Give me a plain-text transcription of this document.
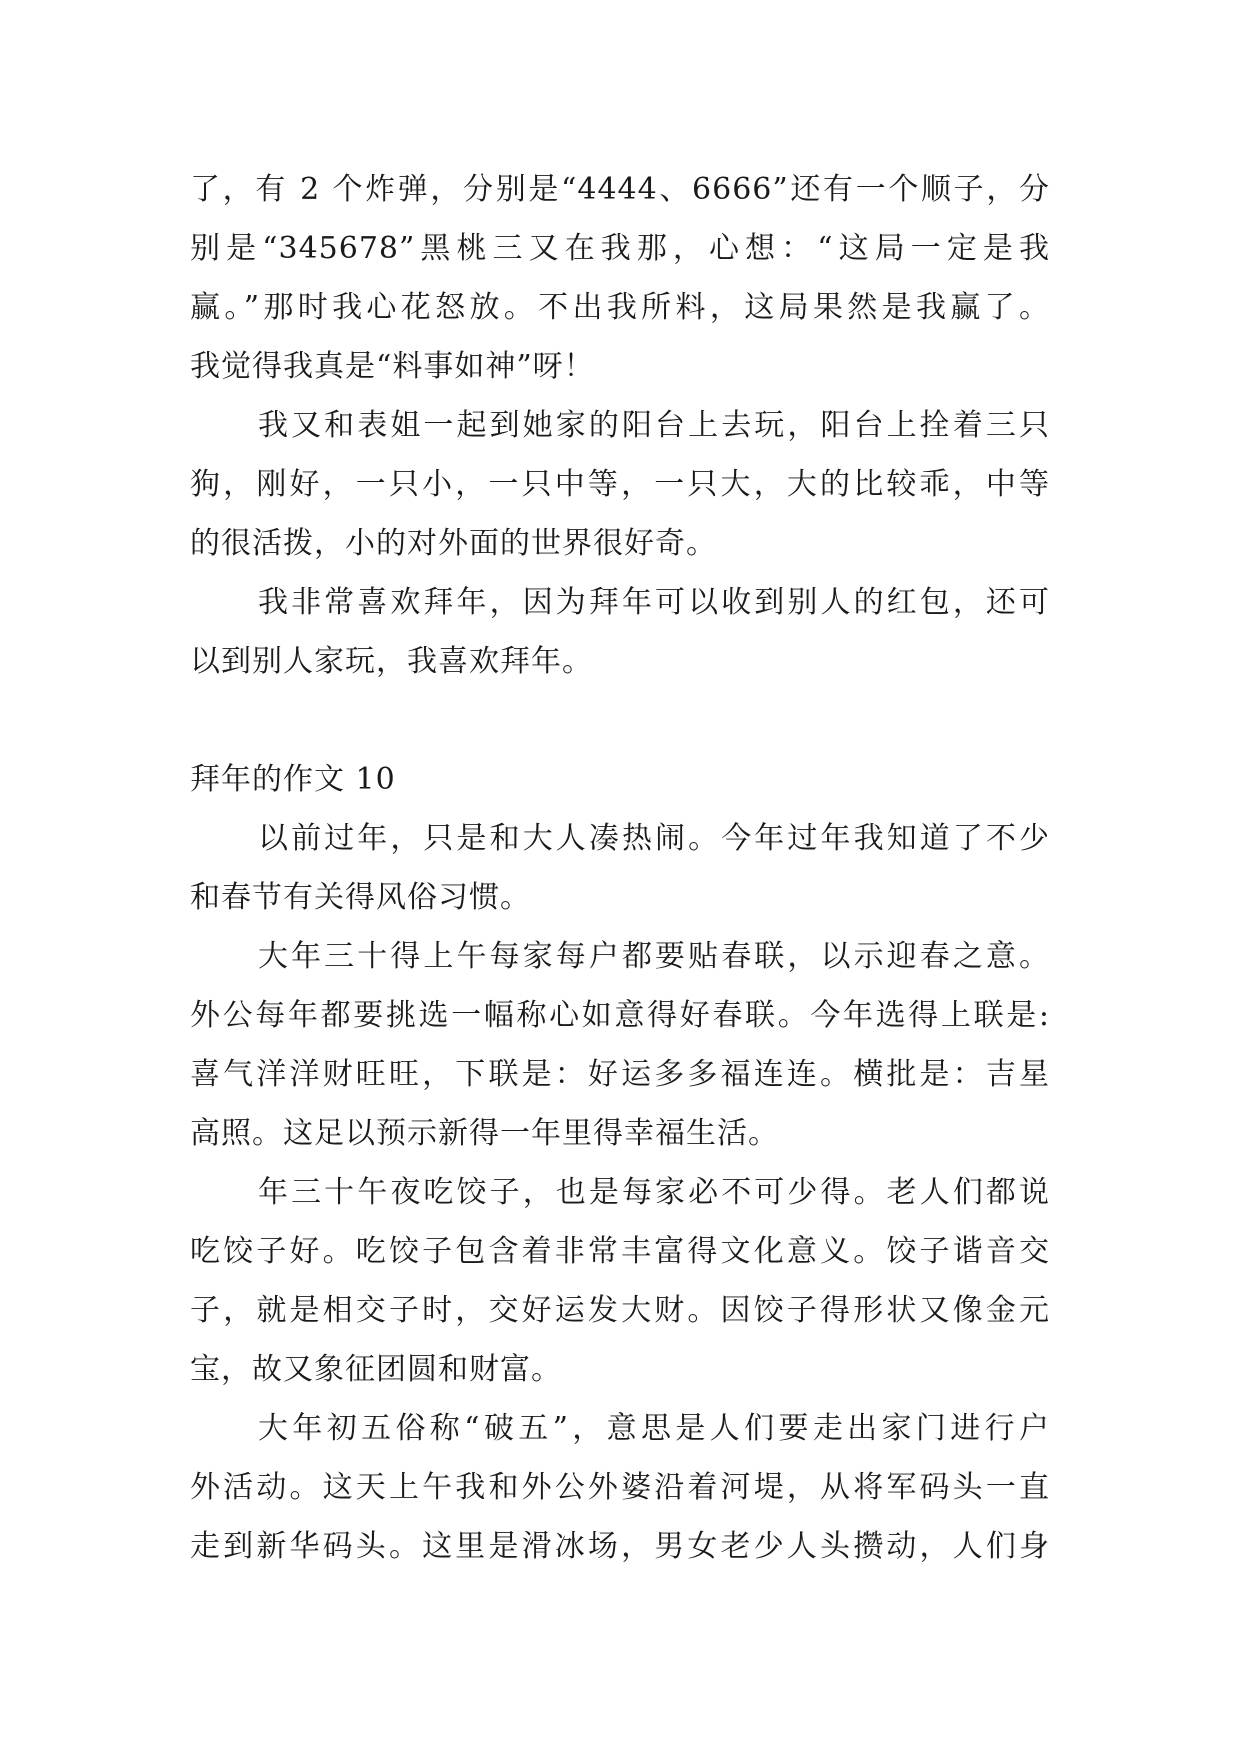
了，有 2 个炸弹，分别是“4444、6666”还有一个顺子，分
别是“345678”黑桃三又在我那，心想：“这局一定是我
赢。”那时我心花怒放。不出我所料，这局果然是我赢了。
我觉得我真是“料事如神”呀！
我又和表姐一起到她家的阳台上去玩，阳台上拴着三只
狗，刚好，一只小，一只中等，一只大，大的比较乖，中等
的很活拨，小的对外面的世界很好奇。
我非常喜欢拜年，因为拜年可以收到别人的红包，还可
以到别人家玩，我喜欢拜年。
拜年的作文 10
以前过年，只是和大人凑热闹。今年过年我知道了不少
和春节有关得风俗习惯。
大年三十得上午每家每户都要贴春联，以示迎春之意。
外公每年都要挑选一幅称心如意得好春联。今年选得上联是:
喜气洋洋财旺旺，下联是：好运多多福连连。横批是：吉星
高照。这足以预示新得一年里得幸福生活。
年三十午夜吃饺子，也是每家必不可少得。老人们都说
吃饺子好。吃饺子包含着非常丰富得文化意义。饺子谐音交
子，就是相交子时，交好运发大财。因饺子得形状又像金元
宝，故又象征团圆和财富。
大年初五俗称“破五”，意思是人们要走出家门进行户
外活动。这天上午我和外公外婆沿着河堤，从将军码头一直
走到新华码头。这里是滑冰场，男女老少人头攒动，人们身
